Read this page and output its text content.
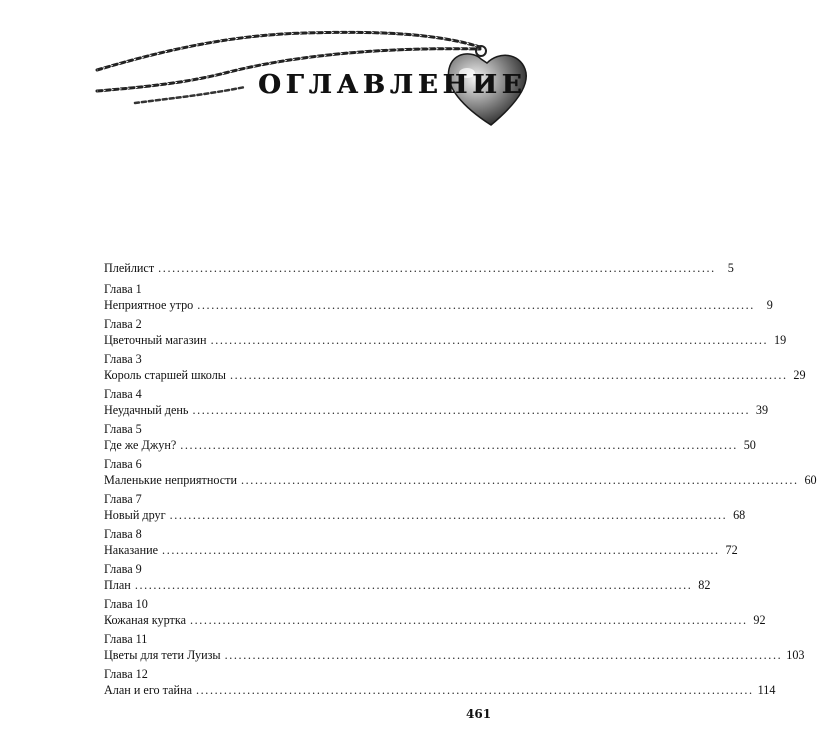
ОГЛАВЛЕНИЕ
Плейлист ........................................................................................................................ 5
Глава 1
Неприятное утро ........................................................................................................................ 9
Глава 2
Цветочный магазин ........................................................................................................................ 19
Глава 3
Король старшей школы ........................................................................................................................ 29
Глава 4
Неудачный день ........................................................................................................................ 39
Глава 5
Где же Джун? ........................................................................................................................ 50
Глава 6
Маленькие неприятности ........................................................................................................................ 60
Глава 7
Новый друг ........................................................................................................................ 68
Глава 8
Наказание ........................................................................................................................ 72
Глава 9
План ........................................................................................................................ 82
Глава 10
Кожаная куртка ........................................................................................................................ 92
Глава 11
Цветы для тети Луизы ........................................................................................................................ 103
Глава 12
Алан и его тайна ........................................................................................................................ 114
461
